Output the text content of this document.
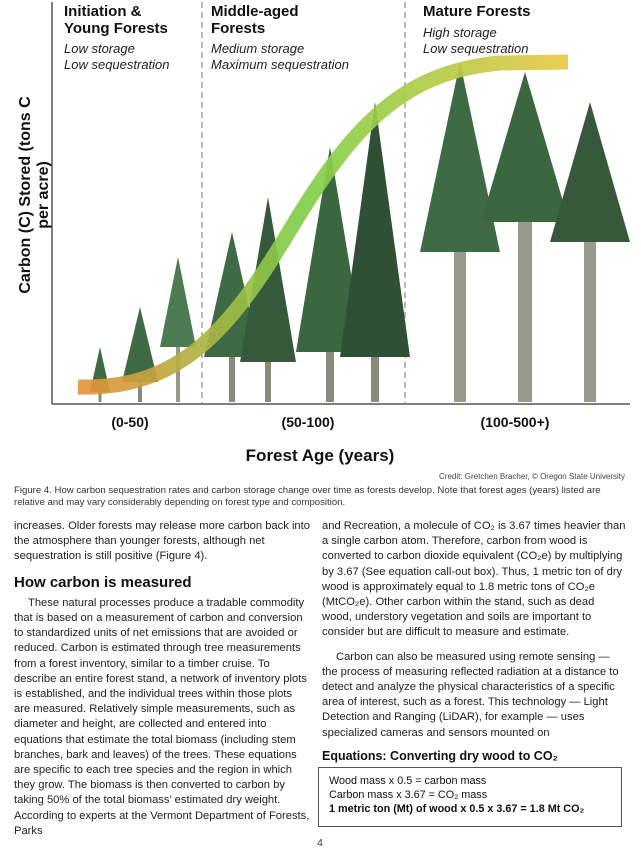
Initiation &
Young Forests
Low storage
Low sequestration
Middle-aged
Forests
Medium storage
Maximum sequestration
Mature Forests
High storage
Low sequestration
Carbon (C) Stored (tons C per acre)
(0-50)	(50-100)	(100-500+)
Forest Age (years)
Credit: Gretchen Bracher, © Oregon State University
Figure 4. How carbon sequestration rates and carbon storage change over time as forests develop. Note that forest ages (years) listed are relative and may vary considerably depending on forest type and composition.

increases. Older forests may release more carbon back into the atmosphere than younger forests, although net sequestration is still positive (Figure 4).

How carbon is measured

These natural processes produce a tradable commodity that is based on a measurement of carbon and conversion to standardized units of net emissions that are avoided or reduced. Carbon is estimated through tree measurements from a forest inventory, similar to a timber cruise. To describe an entire forest stand, a network of inventory plots is established, and the individual trees within those plots are measured. Relatively simple measurements, such as diameter and height, are collected and entered into equations that estimate the total biomass (including stem branches, bark and leaves) of the trees. These equations are specific to each tree species and the region in which they grow. The biomass is then converted to carbon by taking 50% of the total biomass’ estimated dry weight. According to experts at the Vermont Department of Forests, Parks

and Recreation, a molecule of CO₂ is 3.67 times heavier than a single carbon atom. Therefore, carbon from wood is converted to carbon dioxide equivalent (CO₂e) by multiplying by 3.67 (See equation call-out box). Thus, 1 metric ton of dry wood is approximately equal to 1.8 metric tons of CO₂e (MtCO₂e). Other carbon within the stand, such as dead wood, understory vegetation and soils are important to consider but are difficult to measure and estimate.

Carbon can also be measured using remote sensing — the process of measuring reflected radiation at a distance to detect and analyze the physical characteristics of a specific area of interest, such as a forest. This technology — Light Detection and Ranging (LiDAR), for example — uses specialized cameras and sensors mounted on

Equations: Converting dry wood to CO₂
Wood mass x 0.5 = carbon mass
Carbon mass x 3.67 = CO₂ mass
1 metric ton (Mt) of wood x 0.5 x 3.67 = 1.8 Mt CO₂
4
